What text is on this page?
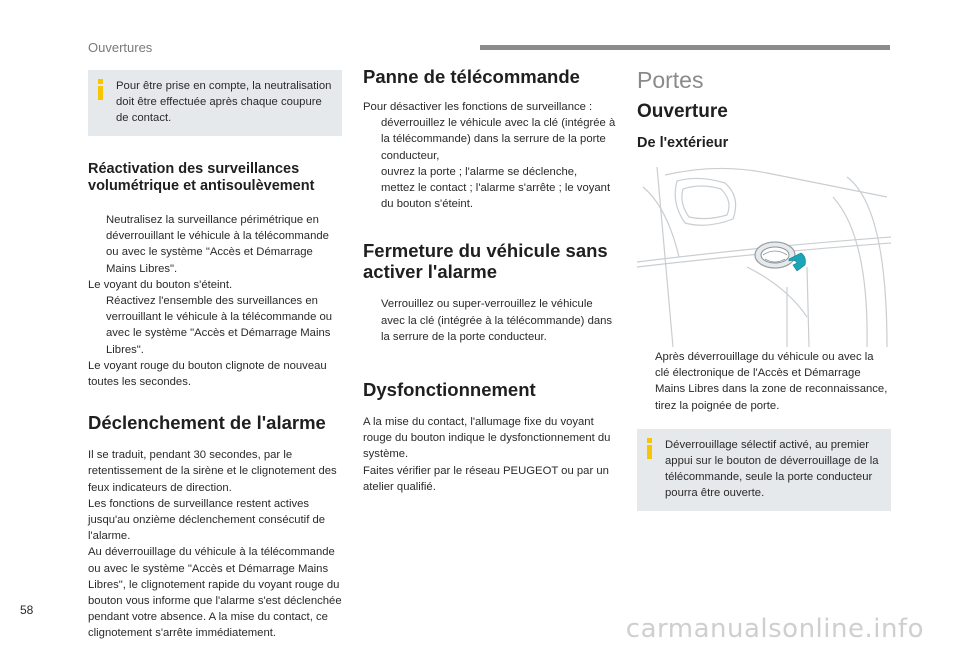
Ouvertures
Pour être prise en compte, la neutralisation doit être effectuée après chaque coupure de contact.
Réactivation des surveillances
volumétrique et antisoulèvement
Neutralisez la surveillance périmétrique en déverrouillant le véhicule à la télécommande ou avec le système "Accès et Démarrage Mains Libres".

Le voyant du bouton s'éteint.

Réactivez l'ensemble des surveillances en verrouillant le véhicule à la télécommande ou avec le système "Accès et Démarrage Mains Libres".

Le voyant rouge du bouton clignote de nouveau toutes les secondes.

Déclenchement de l'alarme

Il se traduit, pendant 30 secondes, par le retentissement de la sirène et le clignotement des feux indicateurs de direction.
Les fonctions de surveillance restent actives jusqu'au onzième déclenchement consécutif de l'alarme.
Au déverrouillage du véhicule à la télécommande ou avec le système "Accès et Démarrage Mains Libres", le clignotement rapide du voyant rouge du bouton vous informe que l'alarme s'est déclenchée pendant votre absence. A la mise du contact, ce clignotement s'arrête immédiatement.

Panne de télécommande

Pour désactiver les fonctions de surveillance :

déverrouillez le véhicule avec la clé (intégrée à la télécommande) dans la serrure de la porte conducteur,
ouvrez la porte ; l'alarme se déclenche,
mettez le contact ; l'alarme s'arrête ; le voyant du bouton s'éteint.
Fermeture du véhicule sans
activer l'alarme
Verrouillez ou super-verrouillez le véhicule avec la clé (intégrée à la télécommande) dans la serrure de la porte conducteur.
Dysfonctionnement

A la mise du contact, l'allumage fixe du voyant rouge du bouton indique le dysfonctionnement du système.
Faites vérifier par le réseau PEUGEOT ou par un atelier qualifié.

Portes
Ouverture
De l'extérieur
Après déverrouillage du véhicule ou avec la clé électronique de l'Accès et Démarrage Mains Libres dans la zone de reconnaissance, tirez la poignée de porte.
Déverrouillage sélectif activé, au premier appui sur le bouton de déverrouillage de la télécommande, seule la porte conducteur pourra être ouverte.
58
carmanualsonline.info
